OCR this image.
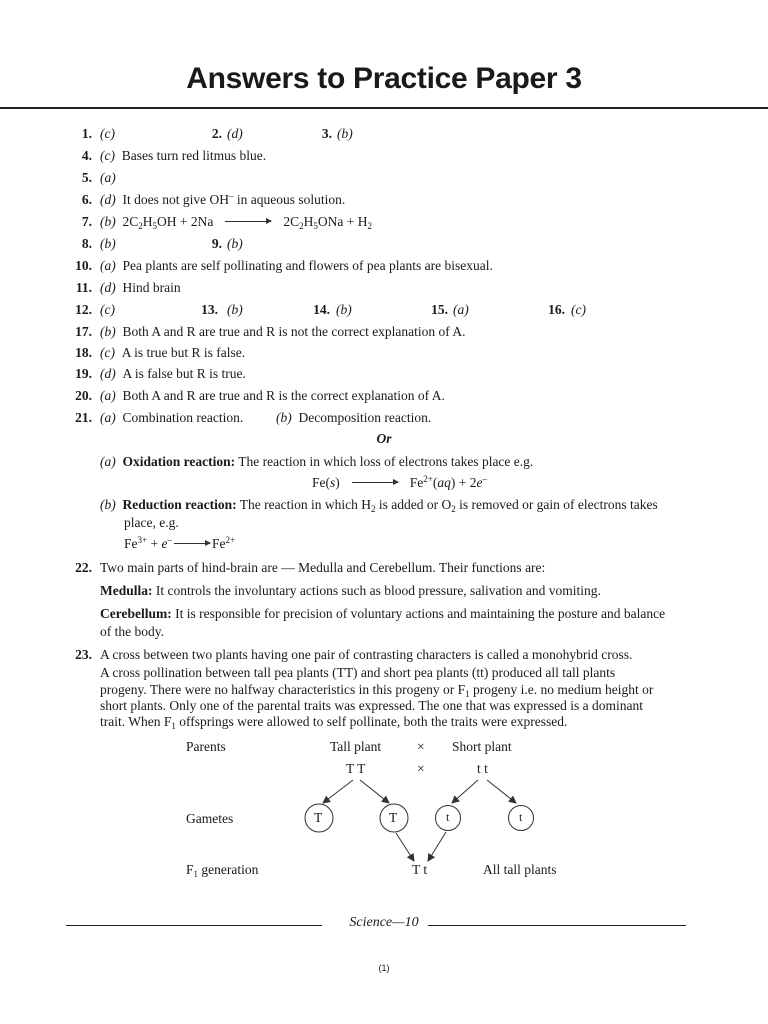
Answers to Practice Paper 3
1. (c)	2. (d)	3. (b)
4. (c) Bases turn red litmus blue.
5. (a)
6. (d) It does not give OH– in aqueous solution.
7. (b)  $2C_2H_5OH + 2Na \to 2C_2H_5ONa + H_2$
8. (b)	9. (b)
10. (a) Pea plants are self pollinating and flowers of pea plants are bisexual.
11. (d) Hind brain
12. (c)	13. (b)	14. (b)	15. (a)	16. (c)
17. (b) Both A and R are true and R is not the correct explanation of A.
18. (c) A is true but R is false.
19. (d) A is false but R is true.
20. (a) Both A and R are true and R is the correct explanation of A.
21. (a) Combination reaction. (b) Decomposition reaction.
Or
(a) Oxidation reaction: The reaction in which loss of electrons takes place e.g.
$Fe(s) \to Fe^{2+}(aq) + 2e^-$
(b) Reduction reaction: The reaction in which $H_2$ is added or $O_2$ is removed or gain of electrons takes
place, e.g.
$Fe^{3+} + e^- \to Fe^{2+}$
22. Two main parts of hind-brain are — Medulla and Cerebellum. Their functions are:
Medulla: It controls the involuntary actions such as blood pressure, salivation and vomiting.
Cerebellum: It is responsible for precision of voluntary actions and maintaining the posture and balance
of the body.
23. A cross between two plants having one pair of contrasting characters is called a monohybrid cross.
A cross pollination between tall pea plants (TT) and short pea plants (tt) produced all tall plants
progeny. There were no halfway characteristics in this progeny or $F_1$ progeny i.e. no medium height or
short plants. Only one of the parental traits was expressed. The one that was expressed is a dominant
trait. When $F_1$ offsprings were allowed to self pollinate, both the traits were expressed.
Parents	Tall plant	× Short plant
T T	×	t t
Gametes	T	T	t	t
$F_1$ generation	T t	All tall plants
Science—10
(1)
